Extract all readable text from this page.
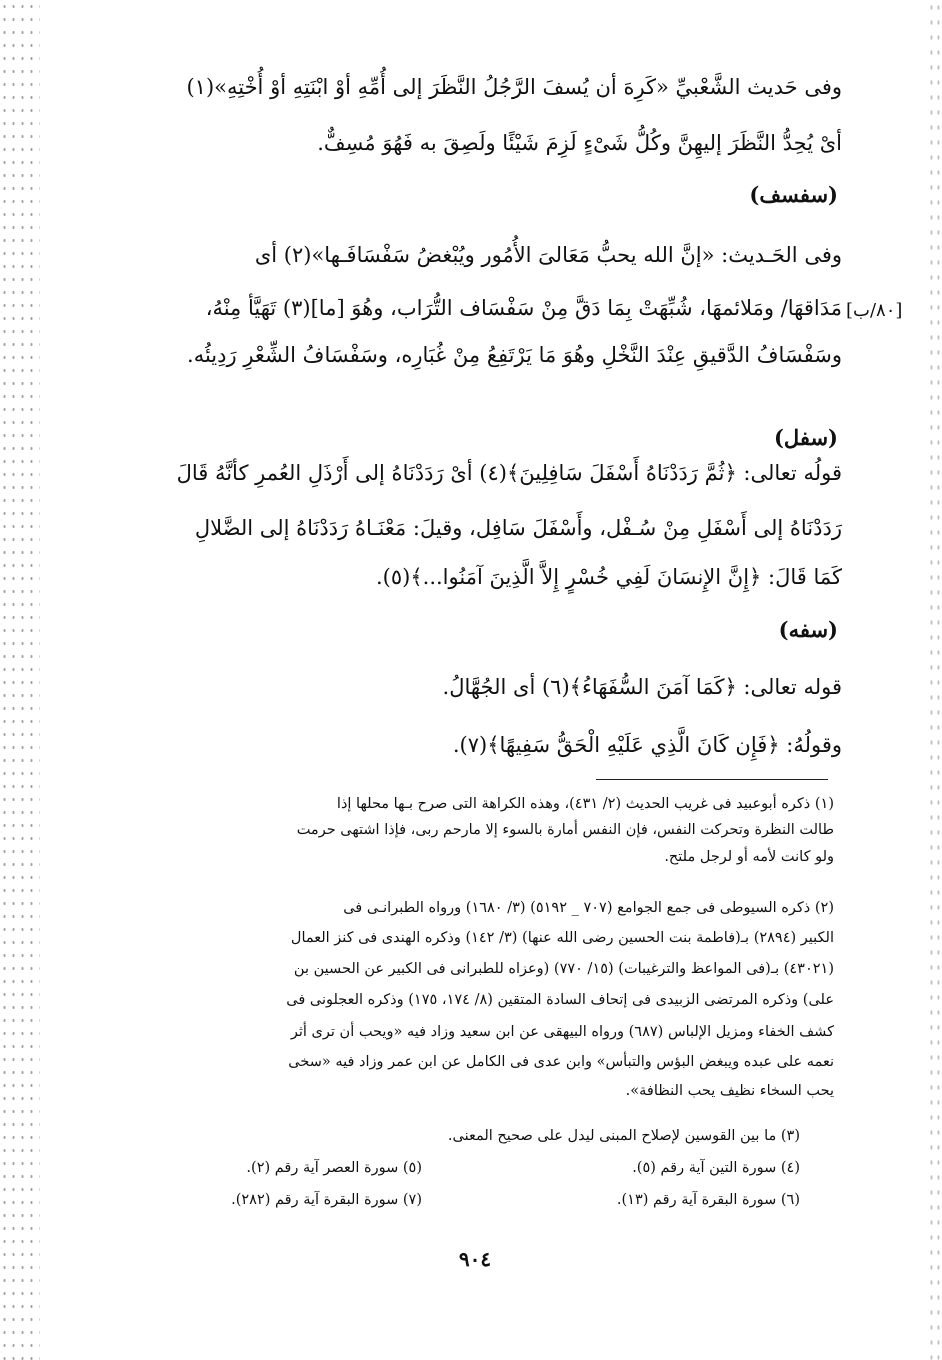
وفى حَديث الشَّعْبيِّ «كَرِهَ أن يُسفَ الرَّجُلُ النَّظَرَ إلى أُمِّهِ أوْ ابْنَتِهِ أوْ أُخْتِهِ»(١)
أىْ يُحِدُّ النَّظَرَ إليهِنَّ وكُلُّ شَىْءٍ لَزِمَ شَيْئًا ولَصِقَ به فَهُوَ مُسِفٌّ.
(سفسف)
وفى الحَـديث: «إنَّ الله يحبُّ مَعَالىَ الأُمُور ويُبْغضُ سَفْسَافَـها»(٢) أى
مَدَاقهَا/ ومَلائمهَا، شُبِّهَتْ بِمَا دَقَّ مِنْ سَفْسَاف التُّرَاب، وهُوَ [ما](٣) تَهَيَّأ مِنْهُ، [٨٠/ب]
وسَفْسَافُ الدَّقيقِ عِنْدَ النَّخْلِ وهُوَ مَا يَرْتَفِعُ مِنْ غُبَارِه، وسَفْسَافُ الشِّعْرِ رَدِيئُه.
(سفل)
قولُه تعالى: ﴿ثُمَّ رَدَدْنَاهُ أَسْفَلَ سَافِلِينَ﴾(٤) أىْ رَدَدْنَاهُ إلى أَرْذَلِ العُمرِ كأنَّهُ قَالَ
رَدَدْنَاهُ إلى أَسْفَلِ مِنْ سُـفْل، وأَسْفَلَ سَافِل، وقيلَ: مَعْنَـاهُ رَدَدْنَاهُ إلى الضَّلالِ
كَمَا قَالَ: ﴿إِنَّ الإِنسَانَ لَفِي خُسْرٍ إِلاَّ الَّذِينَ آمَنُوا...﴾(٥).
(سفه)
قوله تعالى: ﴿كَمَا آمَنَ السُّفَهَاءُ﴾(٦) أى الجُهَّالُ.
وقولُهُ: ﴿فَإِن كَانَ الَّذِي عَلَيْهِ الْحَقُّ سَفِيهًا﴾(٧).
(١) ذكره أبوعبيد فى غريب الحديث (٢/ ٤٣١)، وهذه الكراهة التى صرح بـها محلها إذا
طالت النظرة وتحركت النفس، فإن النفس أمارة بالسوء إلا مارحم ربى، فإذا اشتهى حرمت
ولو كانت لأمه أو لرجل ملتح.
(٢) ذكره السيوطى فى جمع الجوامع (٧٠٧ _ ٥١٩٢) (٣/ ١٦٨٠) ورواه الطبرانـى فى
الكبير (٢٨٩٤) بـ(فاطمة بنت الحسين رضى الله عنها) (٣/ ١٤٢) وذكره الهندى فى كنز العمال
(٤٣٠٢١) بـ(فى المواعظ والترغيبات) (١٥/ ٧٧٠) (وعزاه للطبرانى فى الكبير عن الحسين بن
على) وذكره المرتضى الزبيدى فى إتحاف السادة المتقين (٨/ ١٧٤، ١٧٥) وذكره العجلونى فى
كشف الخفاء ومزيل الإلباس (٦٨٧) ورواه البيهقى عن ابن سعيد وزاد فيه «ويحب أن ترى أثر
نعمه على عبده ويبغض البؤس والتبأس» وابن عدى فى الكامل عن ابن عمر وزاد فيه «سخى
يحب السخاء نظيف يحب النظافة».
(٣) ما بين القوسين لإصلاح المبنى ليدل على صحيح المعنى.
(٤) سورة التين آية رقم (٥).
(٥) سورة العصر آية رقم (٢).
(٦) سورة البقرة آية رقم (١٣).
(٧) سورة البقرة آية رقم (٢٨٢).
٩٠٤
